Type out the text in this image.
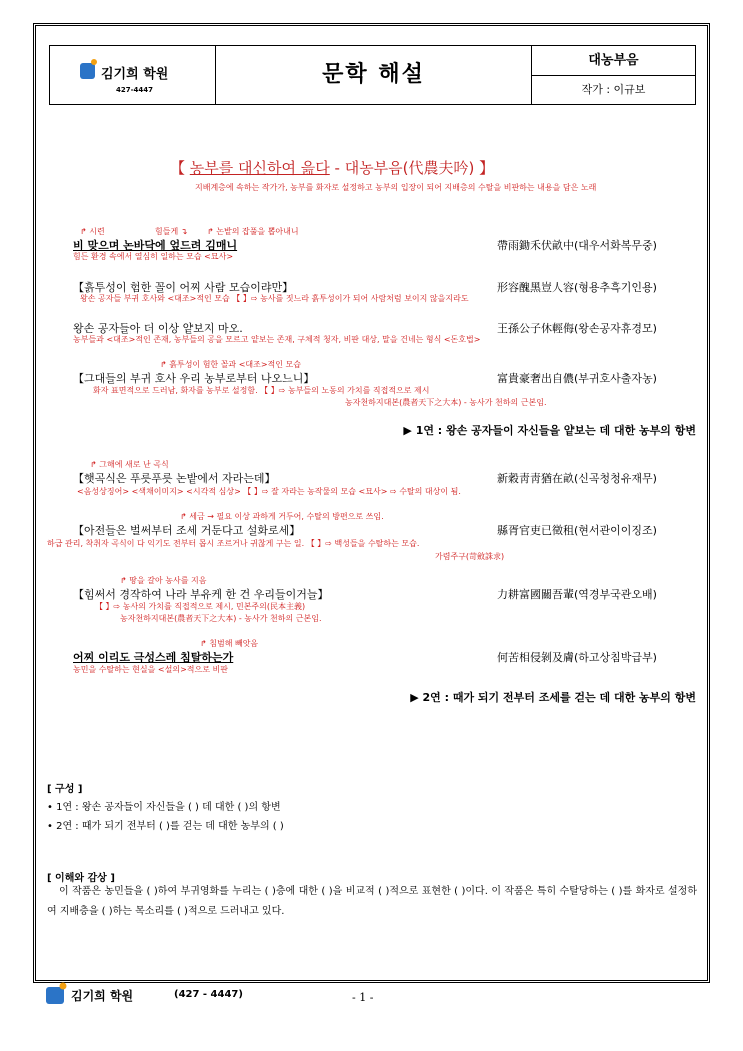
김기희 학원
427-4447
문학 해설
대농부음
작가 : 이규보
【 농부를 대신하여 읊다 - 대농부음(代農夫吟) 】
지배계층에 속하는 작가가, 농부를 화자로 설정하고 농부의 입장이 되어 지배층의 수탈을 비판하는 내용을 담은 노래
↱ 시련	힘들게 ↴ ↱ 논밭의 잡풀을 뽑아내니
비 맞으며 논바닥에 엎드려 김매니	帶雨鋤禾伏畝中(대우서화복무중)
힘든 환경 속에서 열심히 일하는 모습 <묘사>
【흙투성이 험한 꼴이 어찌 사람 모습이랴만】	形容醜黑豈人容(형용추흑기인용)
왕손 공자들 부귀 호사와 <대조>적인 모습 【 】⇨ 농사를 짓느라 흙투성이가 되어 사람처럼 보이지 않을지라도
왕손 공자들아 더 이상 얕보지 마오.	王孫公子休輕侮(왕손공자휴경모)
농부들과 <대조>적인 존재, 농부들의 공을 모르고 얕보는 존재, 구체적 청자, 비판 대상, 말을 건네는 형식 <돈호법>
↱ 흙투성이 험한 꼴과 <대조>적인 모습
【그대들의 부귀 호사 우리 농부로부터 나오느니】	富貴豪奢出自儂(부귀호사출자농)
화자 표면적으로 드러남, 화자를 농부로 설정함. 【 】⇨ 농부들의 노동의 가치를 직접적으로 제시
농자천하지대본(農者天下之大本) - 농사가 천하의 근본임.
▶ 1연 : 왕손 공자들이 자신들을 얕보는 데 대한 농부의 항변
↱ 그해에 새로 난 곡식
【햇곡식은 푸릇푸릇 논밭에서 자라는데】	新穀靑靑猶在畝(신곡청청유재무)
<음성상징어> <색채이미지> <시각적 심상> 【 】⇨ 잘 자라는 농작물의 모습 <묘사> ⇨ 수탈의 대상이 됨.
↱ 세금 → 필요 이상 과하게 거두어, 수탈의 방편으로 쓰임.
【아전들은 벌써부터 조세 거둔다고 설화로세】	縣胥官吏已徵租(현서관이이징조)
하급 관리, 착취자 곡식이 다 익기도 전부터 몹시 조르거나 귀찮게 구는 일. 【 】⇨ 백성들을 수탈하는 모습.
가렴주구(苛斂誅求)
↱ 땅을 갈아 농사를 지음
【힘써서 경작하여 나라 부유케 한 건 우리들이거늘】	力耕富國關吾輩(역경부국관오배)
【 】⇨ 농사의 가치를 직접적으로 제시, 민본주의(民本主義)
농자천하지대본(農者天下之大本) - 농사가 천하의 근본임.
↱ 침범해 빼앗음
어찌 이리도 극성스레 침탈하는가	何苦相侵剝及膚(하고상침박급부)
농민을 수탈하는 현실을 <설의>적으로 비판
▶ 2연 : 때가 되기 전부터 조세를 걷는 데 대한 농부의 항변
[ 구성 ]
• 1연 : 왕손 공자들이 자신들을 ( ) 데 대한 ( )의 항변
• 2연 : 때가 되기 전부터 ( )를 걷는 데 대한 농부의 ( )
[ 이해와 감상 ]
이 작품은 농민들을 ( )하여 부귀영화를 누리는 ( )층에 대한 ( )을 비교적 ( )적으로 표현한 ( )이다. 이 작품은 특히 수탈당하는 ( )를 화자로 설정하여 지배층을 ( )하는 목소리를 ( )적으로 드러내고 있다.
김기희 학원	(427 - 4447)	- 1 -
